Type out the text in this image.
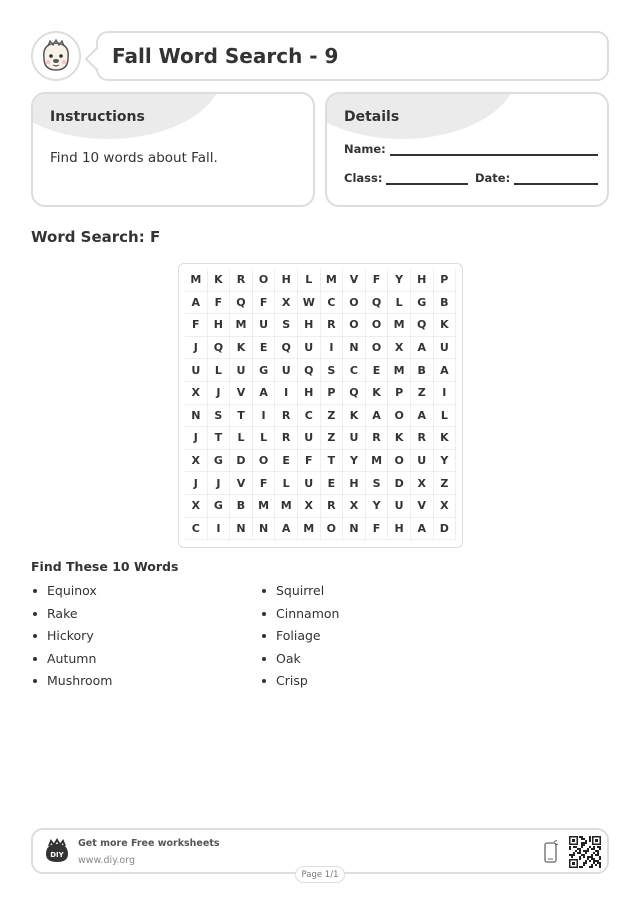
Fall Word Search - 9
Instructions
Find 10 words about Fall.
Details
Name:
Class:	Date:
Word Search: F
M	K	R	O	H	L	M	V	F	Y	H	P
A	F	Q	F	X	W	C	O	Q	L	G	B
F	H	M	U	S	H	R	O	O	M	Q	K
J	Q	K	E	Q	U	I	N	O	X	A	U
U	L	U	G	U	Q	S	C	E	M	B	A
X	J	V	A	I	H	P	Q	K	P	Z	I
N	S	T	I	R	C	Z	K	A	O	A	L
J	T	L	L	R	U	Z	U	R	K	R	K
X	G	D	O	E	F	T	Y	M	O	U	Y
J	J	V	F	L	U	E	H	S	D	X	Z
X	G	B	M	M	X	R	X	Y	U	V	X
C	I	N	N	A	M	O	N	F	H	A	D
Find These 10 Words
Equinox
Rake
Hickory
Autumn
Mushroom
Squirrel
Cinnamon
Foliage
Oak
Crisp
DIY
Get more Free worksheets
www.diy.org
Page 1/1
